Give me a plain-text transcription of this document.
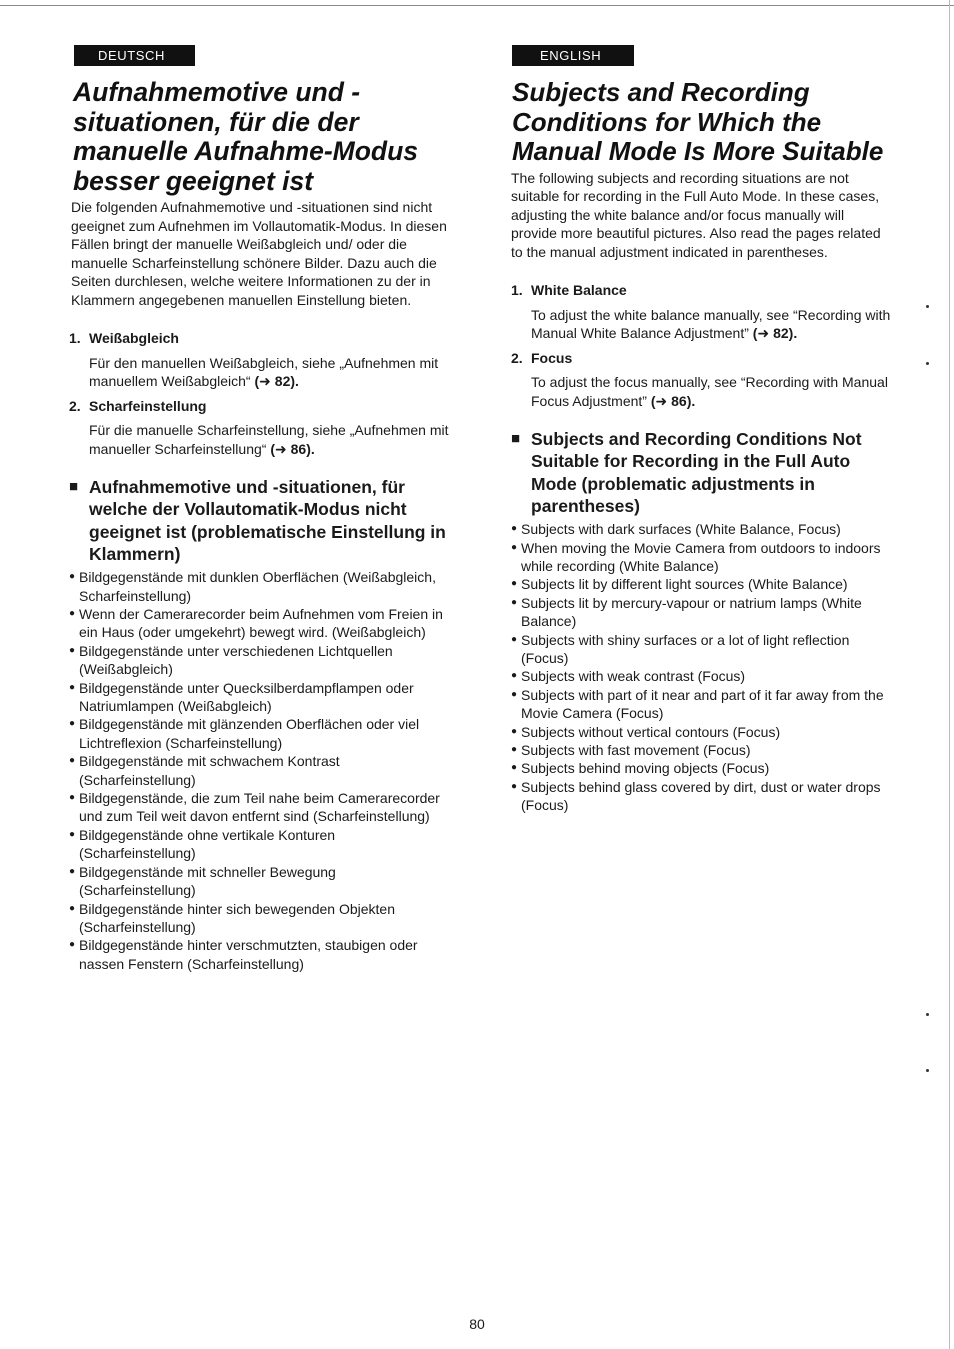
DEUTSCH
Aufnahmemotive und -
situationen, für die der
manuelle Aufnahme-Modus
besser geeignet ist
Die folgenden Aufnahmemotive und -situationen sind nicht geeignet zum Aufnehmen im Vollautomatik-Modus. In diesen Fällen bringt der manuelle Weißabgleich und/ oder die manuelle Scharfeinstellung schönere Bilder. Dazu auch die Seiten durchlesen, welche weitere Informationen zu der in Klammern angegebenen manuellen Einstellung bieten.
1. Weißabgleich
Für den manuellen Weißabgleich, siehe „Aufnehmen mit manuellem Weißabgleich“ (➜ 82).
2. Scharfeinstellung
Für die manuelle Scharfeinstellung, siehe „Aufnehmen mit manueller Scharfeinstellung“ (➜ 86).
■ Aufnahmemotive und -situationen, für welche der Vollautomatik-Modus nicht geeignet ist (problematische Einstellung in Klammern)
● Bildgegenstände mit dunklen Oberflächen (Weißabgleich, Scharfeinstellung)
● Wenn der Camerarecorder beim Aufnehmen vom Freien in ein Haus (oder umgekehrt) bewegt wird. (Weißabgleich)
● Bildgegenstände unter verschiedenen Lichtquellen (Weißabgleich)
● Bildgegenstände unter Quecksilberdampflampen oder Natriumlampen (Weißabgleich)
● Bildgegenstände mit glänzenden Oberflächen oder viel Lichtreflexion (Scharfeinstellung)
● Bildgegenstände mit schwachem Kontrast (Scharfeinstellung)
● Bildgegenstände, die zum Teil nahe beim Camerarecorder und zum Teil weit davon entfernt sind (Scharfeinstellung)
● Bildgegenstände ohne vertikale Konturen (Scharfeinstellung)
● Bildgegenstände mit schneller Bewegung (Scharfeinstellung)
● Bildgegenstände hinter sich bewegenden Objekten (Scharfeinstellung)
● Bildgegenstände hinter verschmutzten, staubigen oder nassen Fenstern (Scharfeinstellung)
ENGLISH
Subjects and Recording
Conditions for Which the
Manual Mode Is More Suitable
The following subjects and recording situations are not suitable for recording in the Full Auto Mode. In these cases, adjusting the white balance and/or focus manually will provide more beautiful pictures. Also read the pages related to the manual adjustment indicated in parentheses.
1. White Balance
To adjust the white balance manually, see “Recording with Manual White Balance Adjustment” (➜ 82).
2. Focus
To adjust the focus manually, see “Recording with Manual Focus Adjustment” (➜ 86).
■ Subjects and Recording Conditions Not Suitable for Recording in the Full Auto Mode (problematic adjustments in parentheses)
● Subjects with dark surfaces (White Balance, Focus)
● When moving the Movie Camera from outdoors to indoors while recording (White Balance)
● Subjects lit by different light sources (White Balance)
● Subjects lit by mercury-vapour or natrium lamps (White Balance)
● Subjects with shiny surfaces or a lot of light reflection (Focus)
● Subjects with weak contrast (Focus)
● Subjects with part of it near and part of it far away from the Movie Camera (Focus)
● Subjects without vertical contours (Focus)
● Subjects with fast movement (Focus)
● Subjects behind moving objects (Focus)
● Subjects behind glass covered by dirt, dust or water drops (Focus)
80
